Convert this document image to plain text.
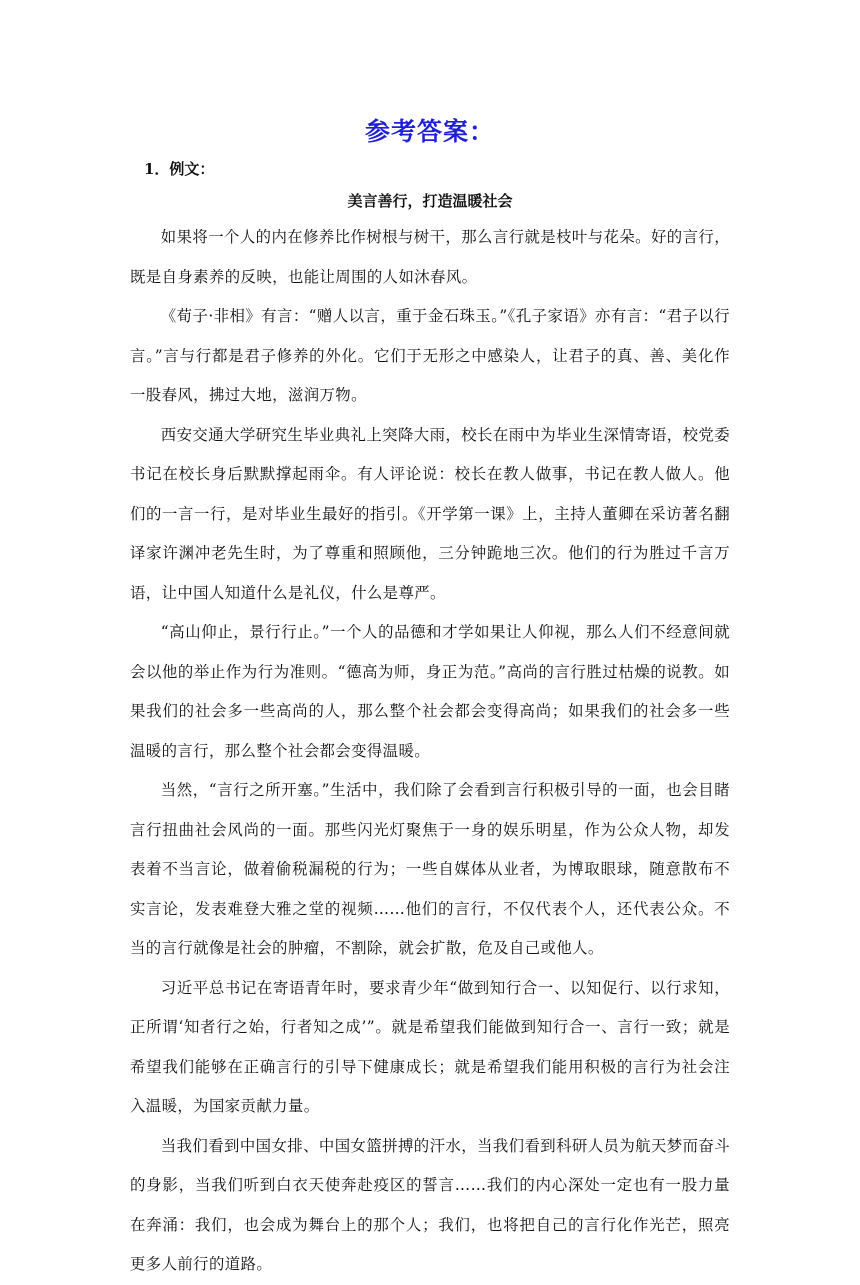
参考答案：
1．例文：
美言善行，打造温暖社会

如果将一个人的内在修养比作树根与树干，那么言行就是枝叶与花朵。好的言行，既是自身素养的反映，也能让周围的人如沐春风。

《荀子·非相》有言：“赠人以言，重于金石珠玉。”《孔子家语》亦有言：“君子以行言。”言与行都是君子修养的外化。它们于无形之中感染人，让君子的真、善、美化作一股春风，拂过大地，滋润万物。

西安交通大学研究生毕业典礼上突降大雨，校长在雨中为毕业生深情寄语，校党委书记在校长身后默默撑起雨伞。有人评论说：校长在教人做事，书记在教人做人。他们的一言一行，是对毕业生最好的指引。《开学第一课》上，主持人董卿在采访著名翻译家许渊冲老先生时，为了尊重和照顾他，三分钟跪地三次。他们的行为胜过千言万语，让中国人知道什么是礼仪，什么是尊严。

“高山仰止，景行行止。”一个人的品德和才学如果让人仰视，那么人们不经意间就会以他的举止作为行为准则。“德高为师，身正为范。”高尚的言行胜过枯燥的说教。如果我们的社会多一些高尚的人，那么整个社会都会变得高尚；如果我们的社会多一些温暖的言行，那么整个社会都会变得温暖。

当然，“言行之所开塞。”生活中，我们除了会看到言行积极引导的一面，也会目睹言行扭曲社会风尚的一面。那些闪光灯聚焦于一身的娱乐明星，作为公众人物，却发表着不当言论，做着偷税漏税的行为；一些自媒体从业者，为博取眼球，随意散布不实言论，发表难登大雅之堂的视频……他们的言行，不仅代表个人，还代表公众。不当的言行就像是社会的肿瘤，不割除，就会扩散，危及自己或他人。

习近平总书记在寄语青年时，要求青少年“做到知行合一、以知促行、以行求知，正所谓‘知者行之始，行者知之成’”。就是希望我们能做到知行合一、言行一致；就是希望我们能够在正确言行的引导下健康成长；就是希望我们能用积极的言行为社会注入温暖，为国家贡献力量。

当我们看到中国女排、中国女篮拼搏的汗水，当我们看到科研人员为航天梦而奋斗的身影，当我们听到白衣天使奔赴疫区的誓言……我们的内心深处一定也有一股力量在奔涌：我们，也会成为舞台上的那个人；我们，也将把自己的言行化作光芒，照亮更多人前行的道路。
